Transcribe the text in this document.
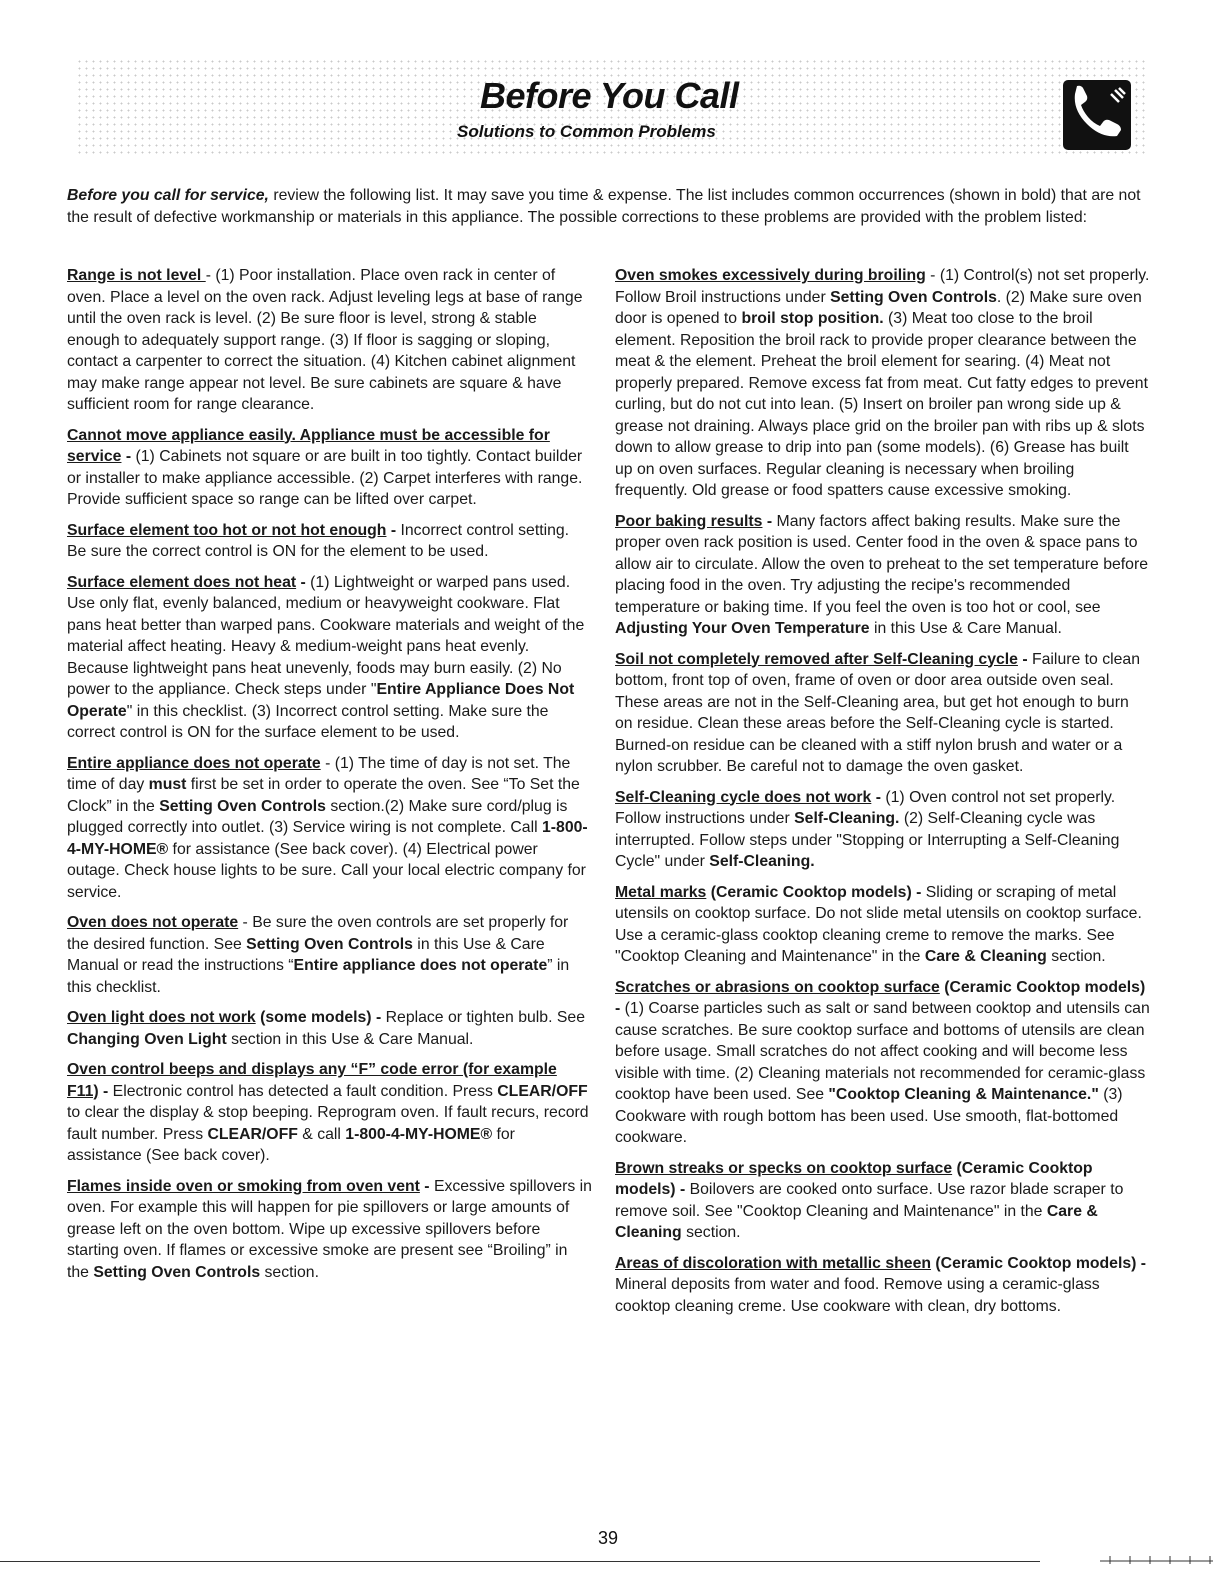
Before You Call
Solutions to Common Problems
Before you call for service, review the following list. It may save you time & expense. The list includes common occurrences (shown in bold) that are not the result of defective workmanship or materials in this appliance. The possible corrections to these problems are provided with the problem listed:

Range is not level - (1) Poor installation. Place oven rack in center of oven. Place a level on the oven rack. Adjust leveling legs at base of range until the oven rack is level. (2) Be sure floor is level, strong & stable enough to adequately support range. (3) If floor is sagging or sloping, contact a carpenter to correct the situation. (4) Kitchen cabinet alignment may make range appear not level. Be sure cabinets are square & have sufficient room for range clearance.

Cannot move appliance easily. Appliance must be accessible for service - (1) Cabinets not square or are built in too tightly. Contact builder or installer to make appliance accessible. (2) Carpet interferes with range. Provide sufficient space so range can be lifted over carpet.

Surface element too hot or not hot enough - Incorrect control setting. Be sure the correct control is ON for the element to be used.

Surface element does not heat - (1) Lightweight or warped pans used. Use only flat, evenly balanced, medium or heavyweight cookware. Flat pans heat better than warped pans. Cookware materials and weight of the material affect heating. Heavy & medium-weight pans heat evenly. Because lightweight pans heat unevenly, foods may burn easily. (2) No power to the appliance. Check steps under "Entire Appliance Does Not Operate" in this checklist. (3) Incorrect control setting. Make sure the correct control is ON for the surface element to be used.

Entire appliance does not operate - (1) The time of day is not set. The time of day must first be set in order to operate the oven. See “To Set the Clock” in the Setting Oven Controls section.(2) Make sure cord/plug is plugged correctly into outlet. (3) Service wiring is not complete. Call 1-800-4-MY-HOME® for assistance (See back cover). (4) Electrical power outage. Check house lights to be sure. Call your local electric company for service.

Oven does not operate - Be sure the oven controls are set properly for the desired function. See Setting Oven Controls in this Use & Care Manual or read the instructions “Entire appliance does not operate” in this checklist.

Oven light does not work (some models) - Replace or tighten bulb. See Changing Oven Light section in this Use & Care Manual.

Oven control beeps and displays any “F” code error (for example F11) - Electronic control has detected a fault condition. Press CLEAR/OFF to clear the display & stop beeping. Reprogram oven. If fault recurs, record fault number. Press CLEAR/OFF & call 1-800-4-MY-HOME® for assistance (See back cover).

Flames inside oven or smoking from oven vent - Excessive spillovers in oven. For example this will happen for pie spillovers or large amounts of grease left on the oven bottom. Wipe up excessive spillovers before starting oven. If flames or excessive smoke are present see “Broiling” in the Setting Oven Controls section.

Oven smokes excessively during broiling - (1) Control(s) not set properly. Follow Broil instructions under Setting Oven Controls. (2) Make sure oven door is opened to broil stop position. (3) Meat too close to the broil element. Reposition the broil rack to provide proper clearance between the meat & the element. Preheat the broil element for searing. (4) Meat not properly prepared. Remove excess fat from meat. Cut fatty edges to prevent curling, but do not cut into lean. (5) Insert on broiler pan wrong side up & grease not draining. Always place grid on the broiler pan with ribs up & slots down to allow grease to drip into pan (some models). (6) Grease has built up on oven surfaces. Regular cleaning is necessary when broiling frequently. Old grease or food spatters cause excessive smoking.

Poor baking results - Many factors affect baking results. Make sure the proper oven rack position is used. Center food in the oven & space pans to allow air to circulate. Allow the oven to preheat to the set temperature before placing food in the oven. Try adjusting the recipe's recommended temperature or baking time. If you feel the oven is too hot or cool, see Adjusting Your Oven Temperature in this Use & Care Manual.

Soil not completely removed after Self-Cleaning cycle - Failure to clean bottom, front top of oven, frame of oven or door area outside oven seal. These areas are not in the Self-Cleaning area, but get hot enough to burn on residue. Clean these areas before the Self-Cleaning cycle is started. Burned-on residue can be cleaned with a stiff nylon brush and water or a nylon scrubber. Be careful not to damage the oven gasket.

Self-Cleaning cycle does not work - (1) Oven control not set properly. Follow instructions under Self-Cleaning. (2) Self-Cleaning cycle was interrupted. Follow steps under "Stopping or Interrupting a Self-Cleaning Cycle" under Self-Cleaning.

Metal marks (Ceramic Cooktop models) - Sliding or scraping of metal utensils on cooktop surface. Do not slide metal utensils on cooktop surface. Use a ceramic-glass cooktop cleaning creme to remove the marks. See "Cooktop Cleaning and Maintenance" in the Care & Cleaning section.

Scratches or abrasions on cooktop surface (Ceramic Cooktop models) - (1) Coarse particles such as salt or sand between cooktop and utensils can cause scratches. Be sure cooktop surface and bottoms of utensils are clean before usage. Small scratches do not affect cooking and will become less visible with time. (2) Cleaning materials not recommended for ceramic-glass cooktop have been used. See "Cooktop Cleaning & Maintenance." (3) Cookware with rough bottom has been used. Use smooth, flat-bottomed cookware.

Brown streaks or specks on cooktop surface (Ceramic Cooktop models) - Boilovers are cooked onto surface. Use razor blade scraper to remove soil. See "Cooktop Cleaning and Maintenance" in the Care & Cleaning section.

Areas of discoloration with metallic sheen (Ceramic Cooktop models) - Mineral deposits from water and food. Remove using a ceramic-glass cooktop cleaning creme. Use cookware with clean, dry bottoms.

39
